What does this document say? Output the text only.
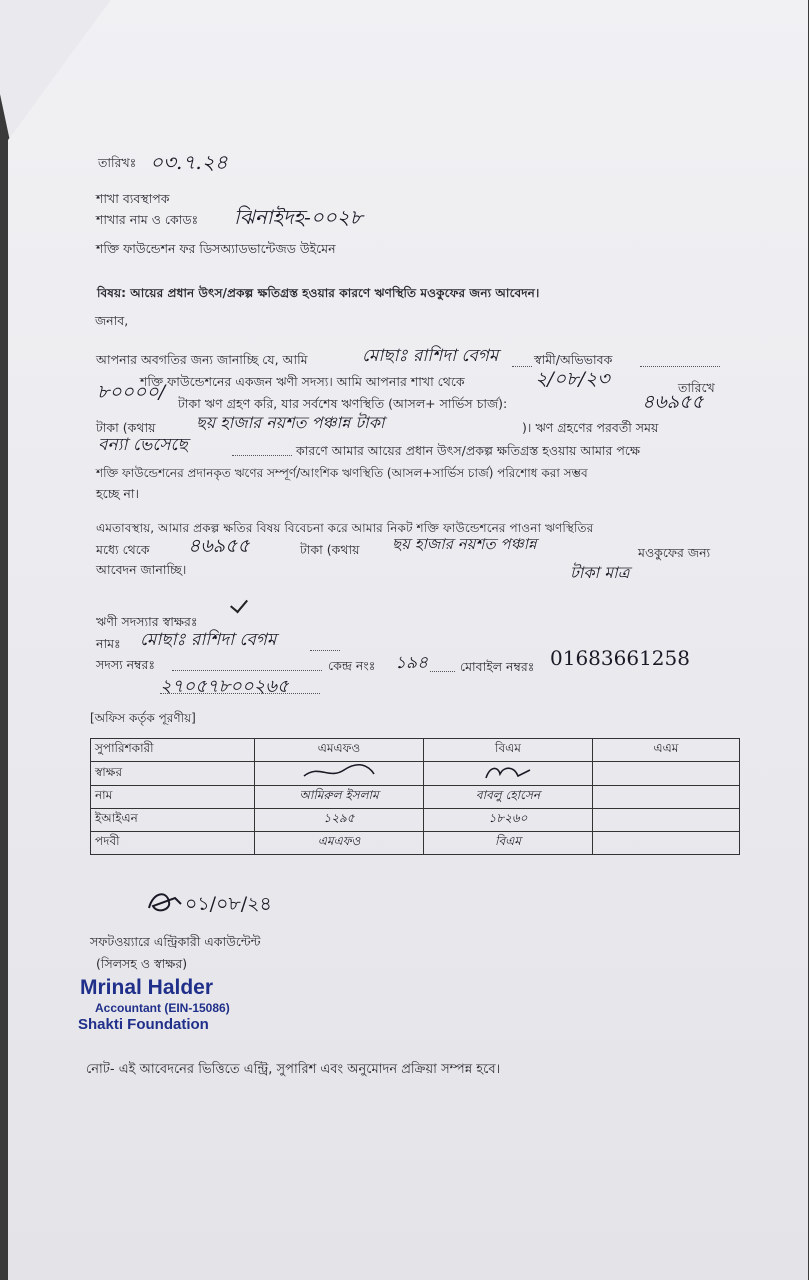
তারিখঃ ০৩.৭.২৪
শাখা ব্যবস্থাপক
শাখার নাম ও কোডঃ ঝিনাইদহ-০০২৮
শক্তি ফাউন্ডেশন ফর ডিসঅ্যাডভান্টেজড উইমেন
বিষয়: আয়ের প্রধান উৎস/প্রকল্প ক্ষতিগ্রস্ত হওয়ার কারণে ঋণস্থিতি মওকুফের জন্য আবেদন।
জনাব,
আপনার অবগতির জন্য জানাচ্ছি যে, আমি	মোছাঃ রাশিদা বেগম	স্বামী/অভিভাবক
শক্তি ফাউন্ডেশনের একজন ঋণী সদস্য। আমি আপনার শাখা থেকে	২/০৮/২৩	তারিখে
৮০০০০/
টাকা ঋণ গ্রহণ করি, যার সর্বশেষ ঋণস্থিতি (আসল+ সার্ভিস চার্জ):	৪৬৯৫৫
টাকা (কথায়	ছয় হাজার নয়শত পঞ্চান্ন টাকা	)। ঋণ গ্রহণের পরবর্তী সময়
বন্যা ভেসেছে	কারণে আমার আয়ের প্রধান উৎস/প্রকল্প ক্ষতিগ্রস্ত হওয়ায় আমার পক্ষে
শক্তি ফাউন্ডেশনের প্রদানকৃত ঋণের সম্পূর্ণ/আংশিক ঋণস্থিতি (আসল+সার্ভিস চার্জ) পরিশোধ করা সম্ভব
হচ্ছে না।
এমতাবস্থায়, আমার প্রকল্প ক্ষতির বিষয় বিবেচনা করে আমার নিকট শক্তি ফাউন্ডেশনের পাওনা ঋণস্থিতির
মধ্যে থেকে ৪৬৯৫৫	টাকা (কথায় ছয় হাজার নয়শত পঞ্চান্ন	মওকুফের জন্য
আবেদন জানাচ্ছি।	টাকা মাত্র
ঋণী সদস্যার স্বাক্ষরঃ
নামঃ মোছাঃ রাশিদা বেগম
সদস্য নম্বরঃ	কেন্দ্র নংঃ ১৯৪	মোবাইল নম্বরঃ 01683661258
২৭০৫৭৮০০২৬৫
[অফিস কর্তৃক পূরণীয়]
সুপারিশকারী	এমএফও	বিএম	এএম
স্বাক্ষর			
নাম	আমিরুল ইসলাম	বাবলু হোসেন	
ইআইএন	১২৯৫	১৮২৬০	
পদবী	এমএফও	বিএম	
০১/০৮/২৪
সফটওয়্যারে এন্ট্রিকারী একাউন্টেন্ট
(সিলসহ ও স্বাক্ষর)
Mrinal Halder
Accountant (EIN-15086)
Shakti Foundation
নোট- এই আবেদনের ভিত্তিতে এন্ট্রি, সুপারিশ এবং অনুমোদন প্রক্রিয়া সম্পন্ন হবে।
